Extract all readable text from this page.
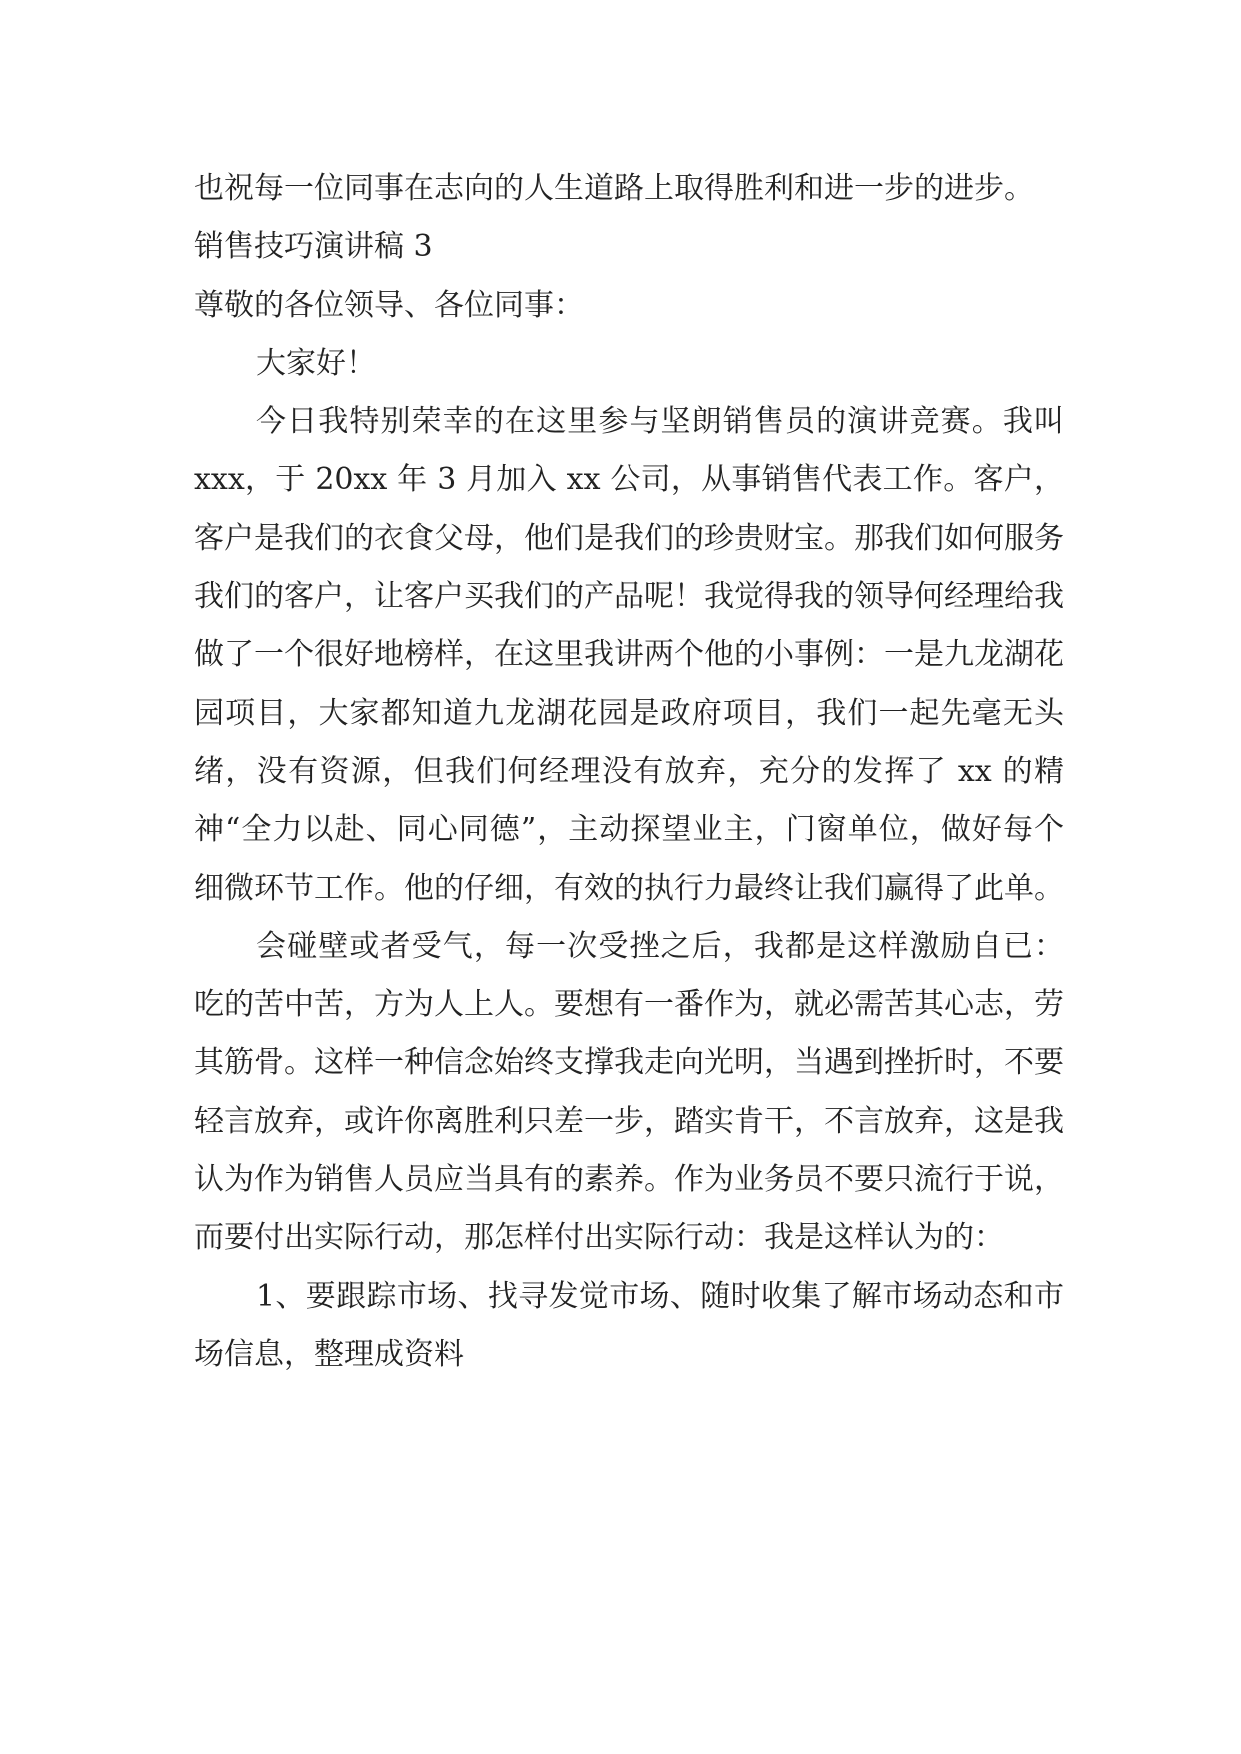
也祝每一位同事在志向的人生道路上取得胜利和进一步的进步。

销售技巧演讲稿 3

尊敬的各位领导、各位同事：

大家好！

今日我特别荣幸的在这里参与坚朗销售员的演讲竞赛。我叫 xxx，于 20xx 年 3 月加入 xx 公司，从事销售代表工作。客户，客户是我们的衣食父母，他们是我们的珍贵财宝。那我们如何服务我们的客户，让客户买我们的产品呢！我觉得我的领导何经理给我做了一个很好地榜样，在这里我讲两个他的小事例：一是九龙湖花园项目，大家都知道九龙湖花园是政府项目，我们一起先毫无头绪，没有资源，但我们何经理没有放弃，充分的发挥了 xx 的精神“全力以赴、同心同德”，主动探望业主，门窗单位，做好每个细微环节工作。他的仔细，有效的执行力最终让我们赢得了此单。

会碰壁或者受气，每一次受挫之后，我都是这样激励自已：吃的苦中苦，方为人上人。要想有一番作为，就必需苦其心志，劳其筋骨。这样一种信念始终支撑我走向光明，当遇到挫折时，不要轻言放弃，或许你离胜利只差一步，踏实肯干，不言放弃，这是我认为作为销售人员应当具有的素养。作为业务员不要只流行于说，而要付出实际行动，那怎样付出实际行动：我是这样认为的：

1、要跟踪市场、找寻发觉市场、随时收集了解市场动态和市场信息，整理成资料
